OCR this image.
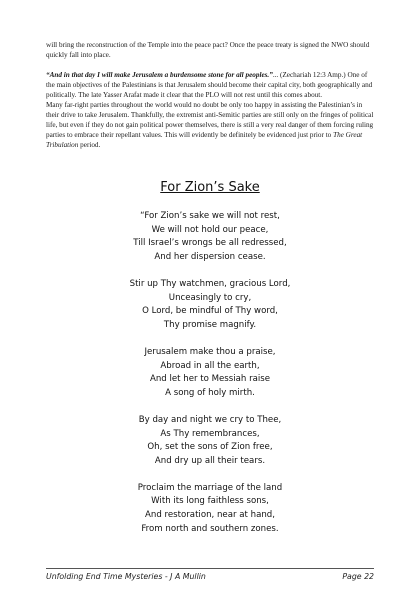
will bring the reconstruction of the Temple into the peace pact? Once the peace treaty is signed the NWO should quickly fall into place.

“And in that day I will make Jerusalem a burdensome stone for all peoples.”... (Zechariah 12:3 Amp.) One of the main objectives of the Palestinians is that Jerusalem should become their capital city, both geographically and politically. The late Yasser Arafat made it clear that the PLO will not rest until this comes about.

Many far-right parties throughout the world would no doubt be only too happy in assisting the Palestinian’s in their drive to take Jerusalem. Thankfully, the extremist anti-Semitic parties are still only on the fringes of political life, but even if they do not gain political power themselves, there is still a very real danger of them forcing ruling parties to embrace their repellant values. This will evidently be definitely be evidenced just prior to The Great Tribulation period.

For Zion’s Sake
“For Zion’s sake we will not rest,
We will not hold our peace,
Till Israel’s wrongs be all redressed,
And her dispersion cease.
Stir up Thy watchmen, gracious Lord,
Unceasingly to cry,
O Lord, be mindful of Thy word,
Thy promise magnify.
Jerusalem make thou a praise,
Abroad in all the earth,
And let her to Messiah raise
A song of holy mirth.
By day and night we cry to Thee,
As Thy remembrances,
Oh, set the sons of Zion free,
And dry up all their tears.
Proclaim the marriage of the land
With its long faithless sons,
And restoration, near at hand,
From north and southern zones.
Unfolding End Time Mysteries - J A Mullin	Page 22
